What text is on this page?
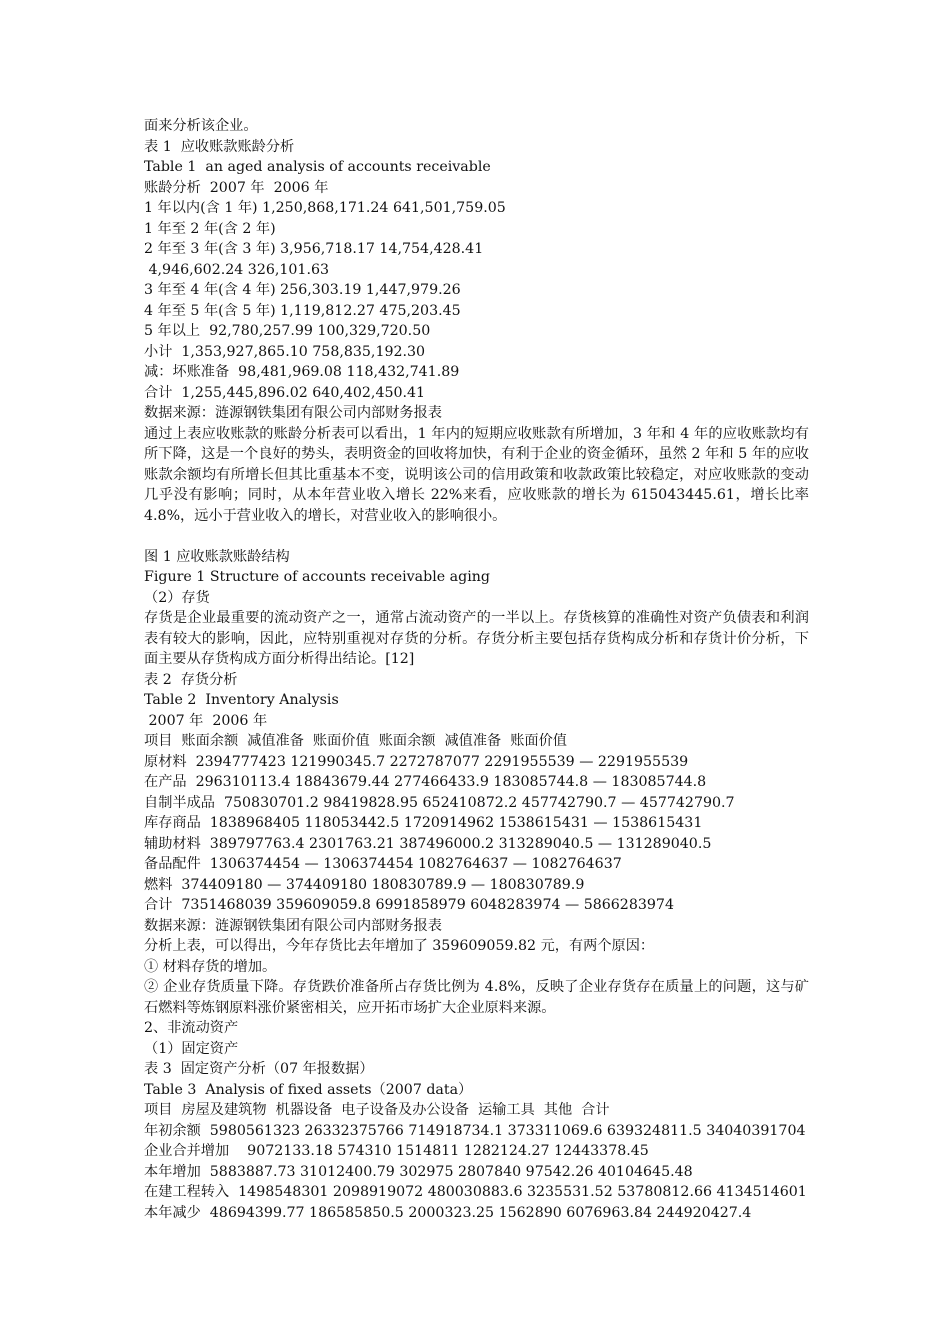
面来分析该企业。
表 1  应收账款账龄分析
Table 1  an aged analysis of accounts receivable
账龄分析  2007 年  2006 年
1 年以内(含 1 年) 1,250,868,171.24 641,501,759.05
1 年至 2 年(含 2 年)
2 年至 3 年(含 3 年) 3,956,718.17 14,754,428.41
4,946,602.24 326,101.63
3 年至 4 年(含 4 年) 256,303.19 1,447,979.26
4 年至 5 年(含 5 年) 1,119,812.27 475,203.45
5 年以上  92,780,257.99 100,329,720.50
小计  1,353,927,865.10 758,835,192.30
减：坏账准备  98,481,969.08 118,432,741.89
合计  1,255,445,896.02 640,402,450.41
数据来源：涟源钢铁集团有限公司内部财务报表
通过上表应收账款的账龄分析表可以看出，1 年内的短期应收账款有所增加，3 年和 4 年的应收账款均有所下降，这是一个良好的势头，表明资金的回收将加快，有利于企业的资金循环，虽然 2 年和 5 年的应收账款余额均有所增长但其比重基本不变，说明该公司的信用政策和收款政策比较稳定，对应收账款的变动几乎没有影响；同时，从本年营业收入增长 22%来看，应收账款的增长为 615043445.61，增长比率 4.8%，远小于营业收入的增长，对营业收入的影响很小。
图 1 应收账款账龄结构
Figure 1 Structure of accounts receivable aging
（2）存货
存货是企业最重要的流动资产之一，通常占流动资产的一半以上。存货核算的准确性对资产负债表和利润表有较大的影响，因此，应特别重视对存货的分析。存货分析主要包括存货构成分析和存货计价分析，下面主要从存货构成方面分析得出结论。[12]
表 2  存货分析
Table 2  Inventory Analysis
2007 年  2006 年
项目  账面余额  减值准备  账面价值  账面余额  减值准备  账面价值
原材料  2394777423 121990345.7 2272787077 2291955539 — 2291955539
在产品  296310113.4 18843679.44 277466433.9 183085744.8 — 183085744.8
自制半成品  750830701.2 98419828.95 652410872.2 457742790.7 — 457742790.7
库存商品  1838968405 118053442.5 1720914962 1538615431 — 1538615431
辅助材料  389797763.4 2301763.21 387496000.2 313289040.5 — 131289040.5
备品配件  1306374454 — 1306374454 1082764637 — 1082764637
燃料  374409180 — 374409180 180830789.9 — 180830789.9
合计  7351468039 359609059.8 6991858979 6048283974 — 5866283974
数据来源：涟源钢铁集团有限公司内部财务报表
分析上表，可以得出，今年存货比去年增加了 359609059.82 元，有两个原因：
① 材料存货的增加。
② 企业存货质量下降。存货跌价准备所占存货比例为 4.8%，反映了企业存货存在质量上的问题，这与矿石燃料等炼钢原料涨价紧密相关，应开拓市场扩大企业原料来源。
2、非流动资产
（1）固定资产
表 3  固定资产分析（07 年报数据）
Table 3  Analysis of fixed assets（2007 data）
项目  房屋及建筑物  机器设备  电子设备及办公设备  运输工具  其他  合计
年初余额  5980561323 26332375766 714918734.1 373311069.6 639324811.5 34040391704
企业合并增加    9072133.18 574310 1514811 1282124.27 12443378.45
本年增加  5883887.73 31012400.79 302975 2807840 97542.26 40104645.48
在建工程转入  1498548301 2098919072 480030883.6 3235531.52 53780812.66 4134514601
本年减少  48694399.77 186585850.5 2000323.25 1562890 6076963.84 244920427.4
